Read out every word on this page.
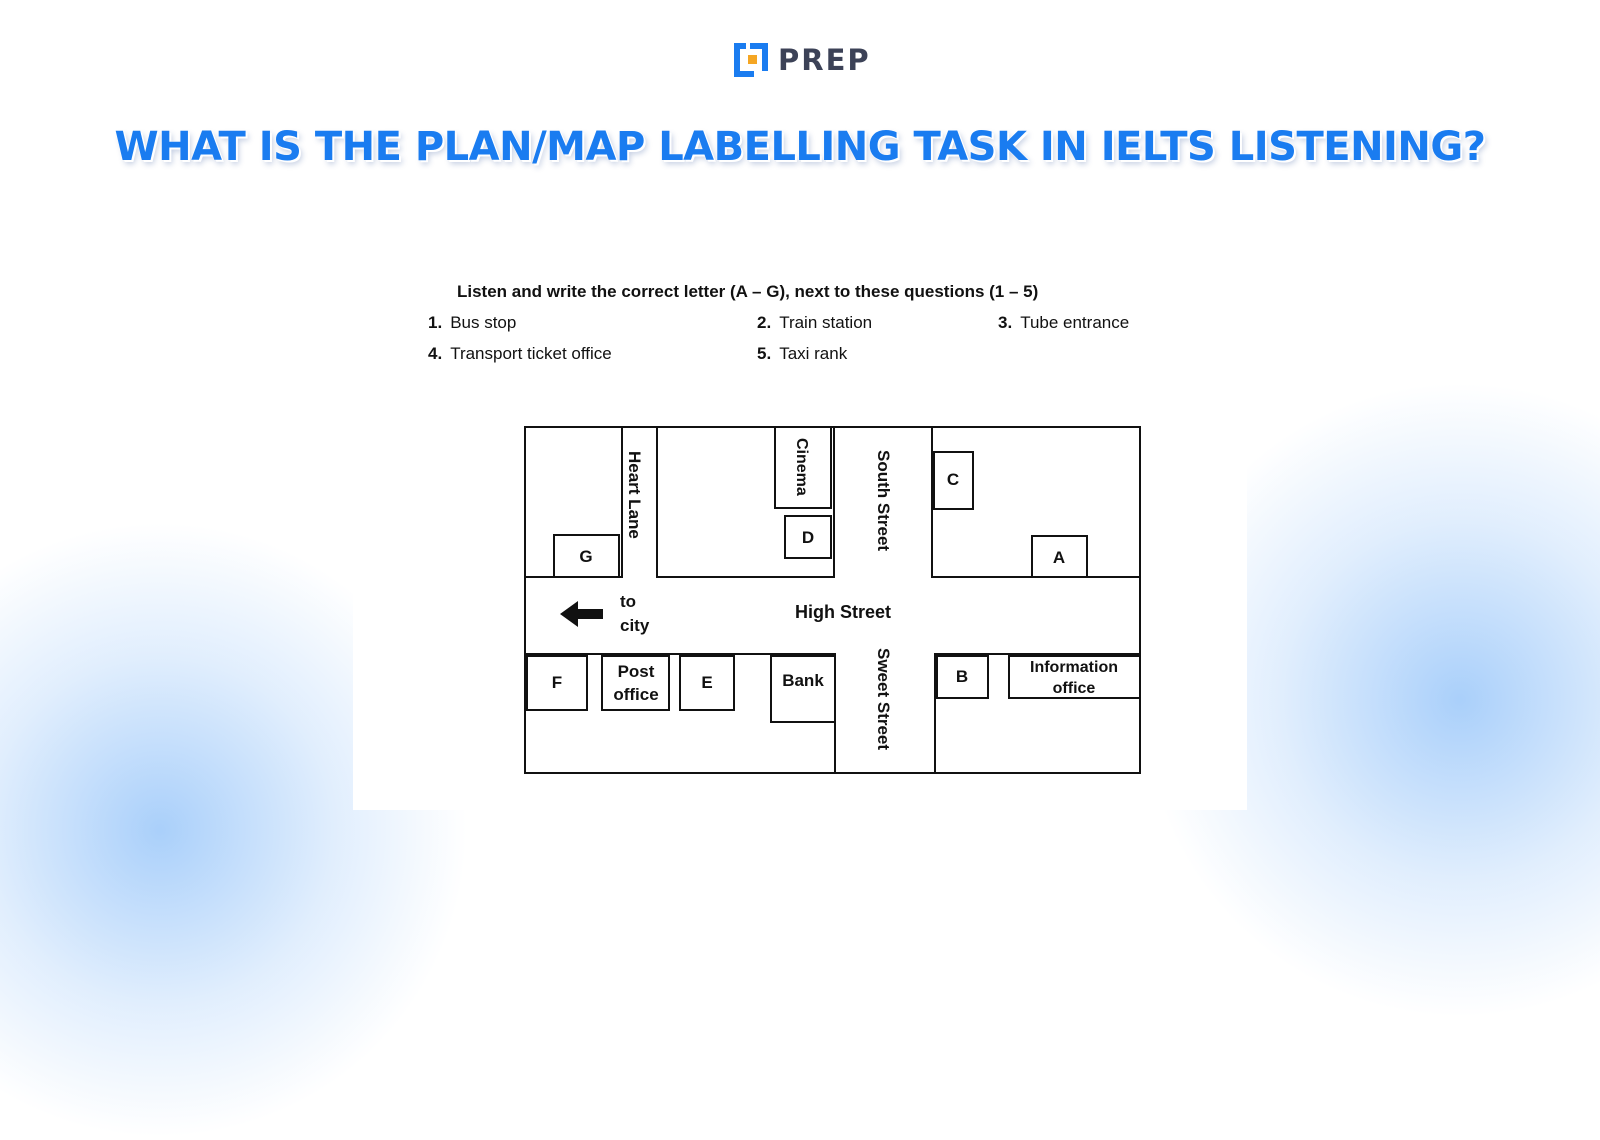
PREP
WHAT IS THE PLAN/MAP LABELLING TASK IN IELTS LISTENING?
Listen and write the correct letter (A – G), next to these questions (1 – 5)
1. Bus stop	2. Train station	3. Tube entrance
4. Transport ticket office	5. Taxi rank
Heart Lane	South Street
Sweet Street
High Street
to
city
Cinema
Post
office
Bank
Information
office
A
B
C
D
E
F
G
